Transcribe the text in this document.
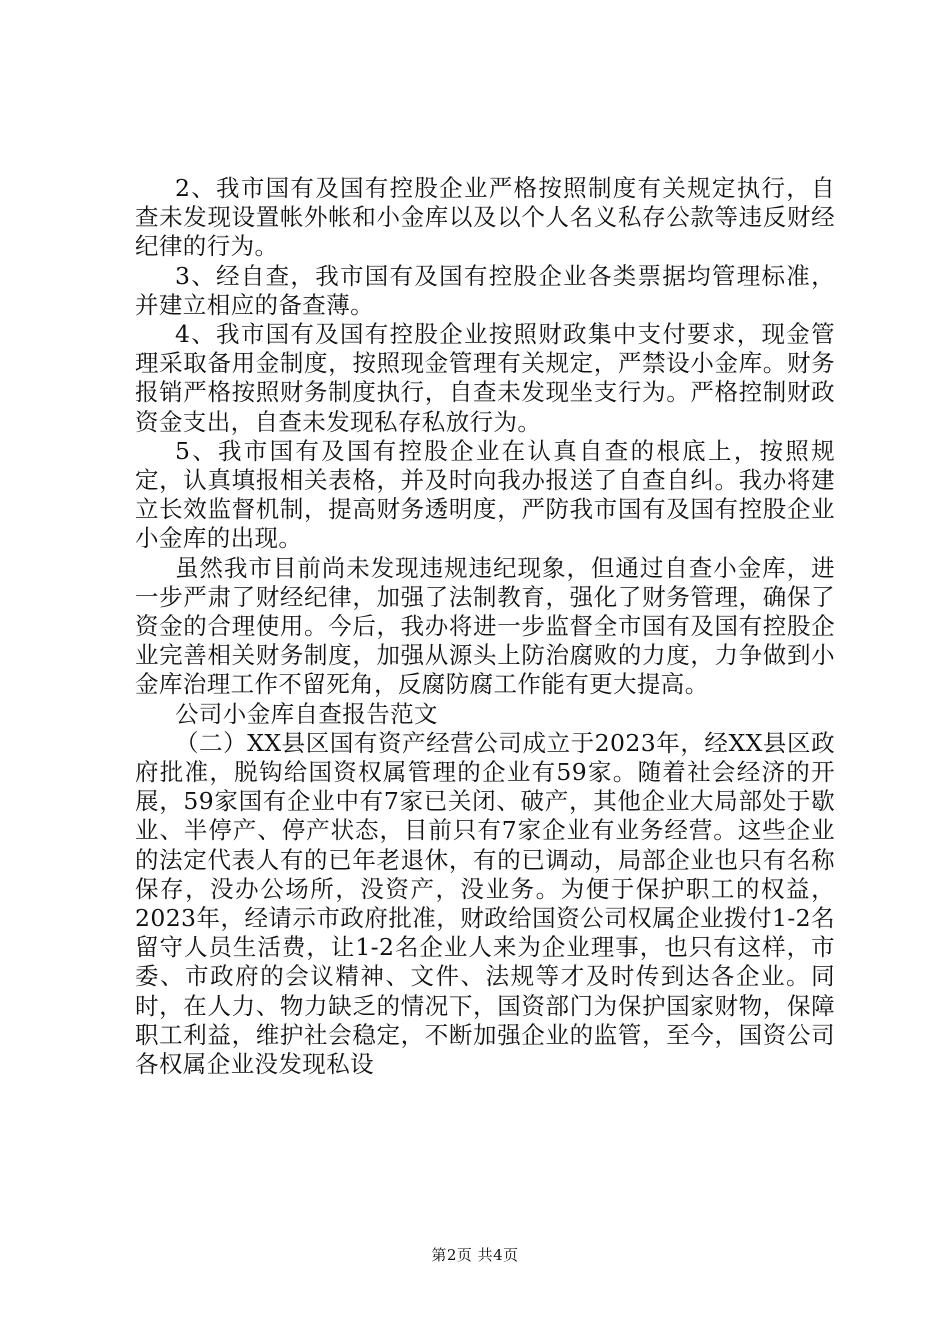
2、我市国有及国有控股企业严格按照制度有关规定执行，自查未发现设置帐外帐和小金库以及以个人名义私存公款等违反财经纪律的行为。

3、经自查，我市国有及国有控股企业各类票据均管理标准，并建立相应的备查薄。

4、我市国有及国有控股企业按照财政集中支付要求，现金管理采取备用金制度，按照现金管理有关规定，严禁设小金库。财务报销严格按照财务制度执行，自查未发现坐支行为。严格控制财政资金支出，自查未发现私存私放行为。

5、我市国有及国有控股企业在认真自查的根底上，按照规定，认真填报相关表格，并及时向我办报送了自查自纠。我办将建立长效监督机制，提高财务透明度，严防我市国有及国有控股企业小金库的出现。

虽然我市目前尚未发现违规违纪现象，但通过自查小金库，进一步严肃了财经纪律，加强了法制教育，强化了财务管理，确保了资金的合理使用。今后，我办将进一步监督全市国有及国有控股企业完善相关财务制度，加强从源头上防治腐败的力度，力争做到小金库治理工作不留死角，反腐防腐工作能有更大提高。

公司小金库自查报告范文

（二）XX县区国有资产经营公司成立于2023年，经XX县区政府批准，脱钩给国资权属管理的企业有59家。随着社会经济的开展，59家国有企业中有7家已关闭、破产，其他企业大局部处于歇业、半停产、停产状态，目前只有7家企业有业务经营。这些企业的法定代表人有的已年老退休，有的已调动，局部企业也只有名称保存，没办公场所，没资产，没业务。为便于保护职工的权益，2023年，经请示市政府批准，财政给国资公司权属企业拨付1-2名留守人员生活费，让1-2名企业人来为企业理事，也只有这样，市委、市政府的会议精神、文件、法规等才及时传到达各企业。同时，在人力、物力缺乏的情况下，国资部门为保护国家财物，保障职工利益，维护社会稳定，不断加强企业的监管，至今，国资公司各权属企业没发现私设

第2页 共4页
